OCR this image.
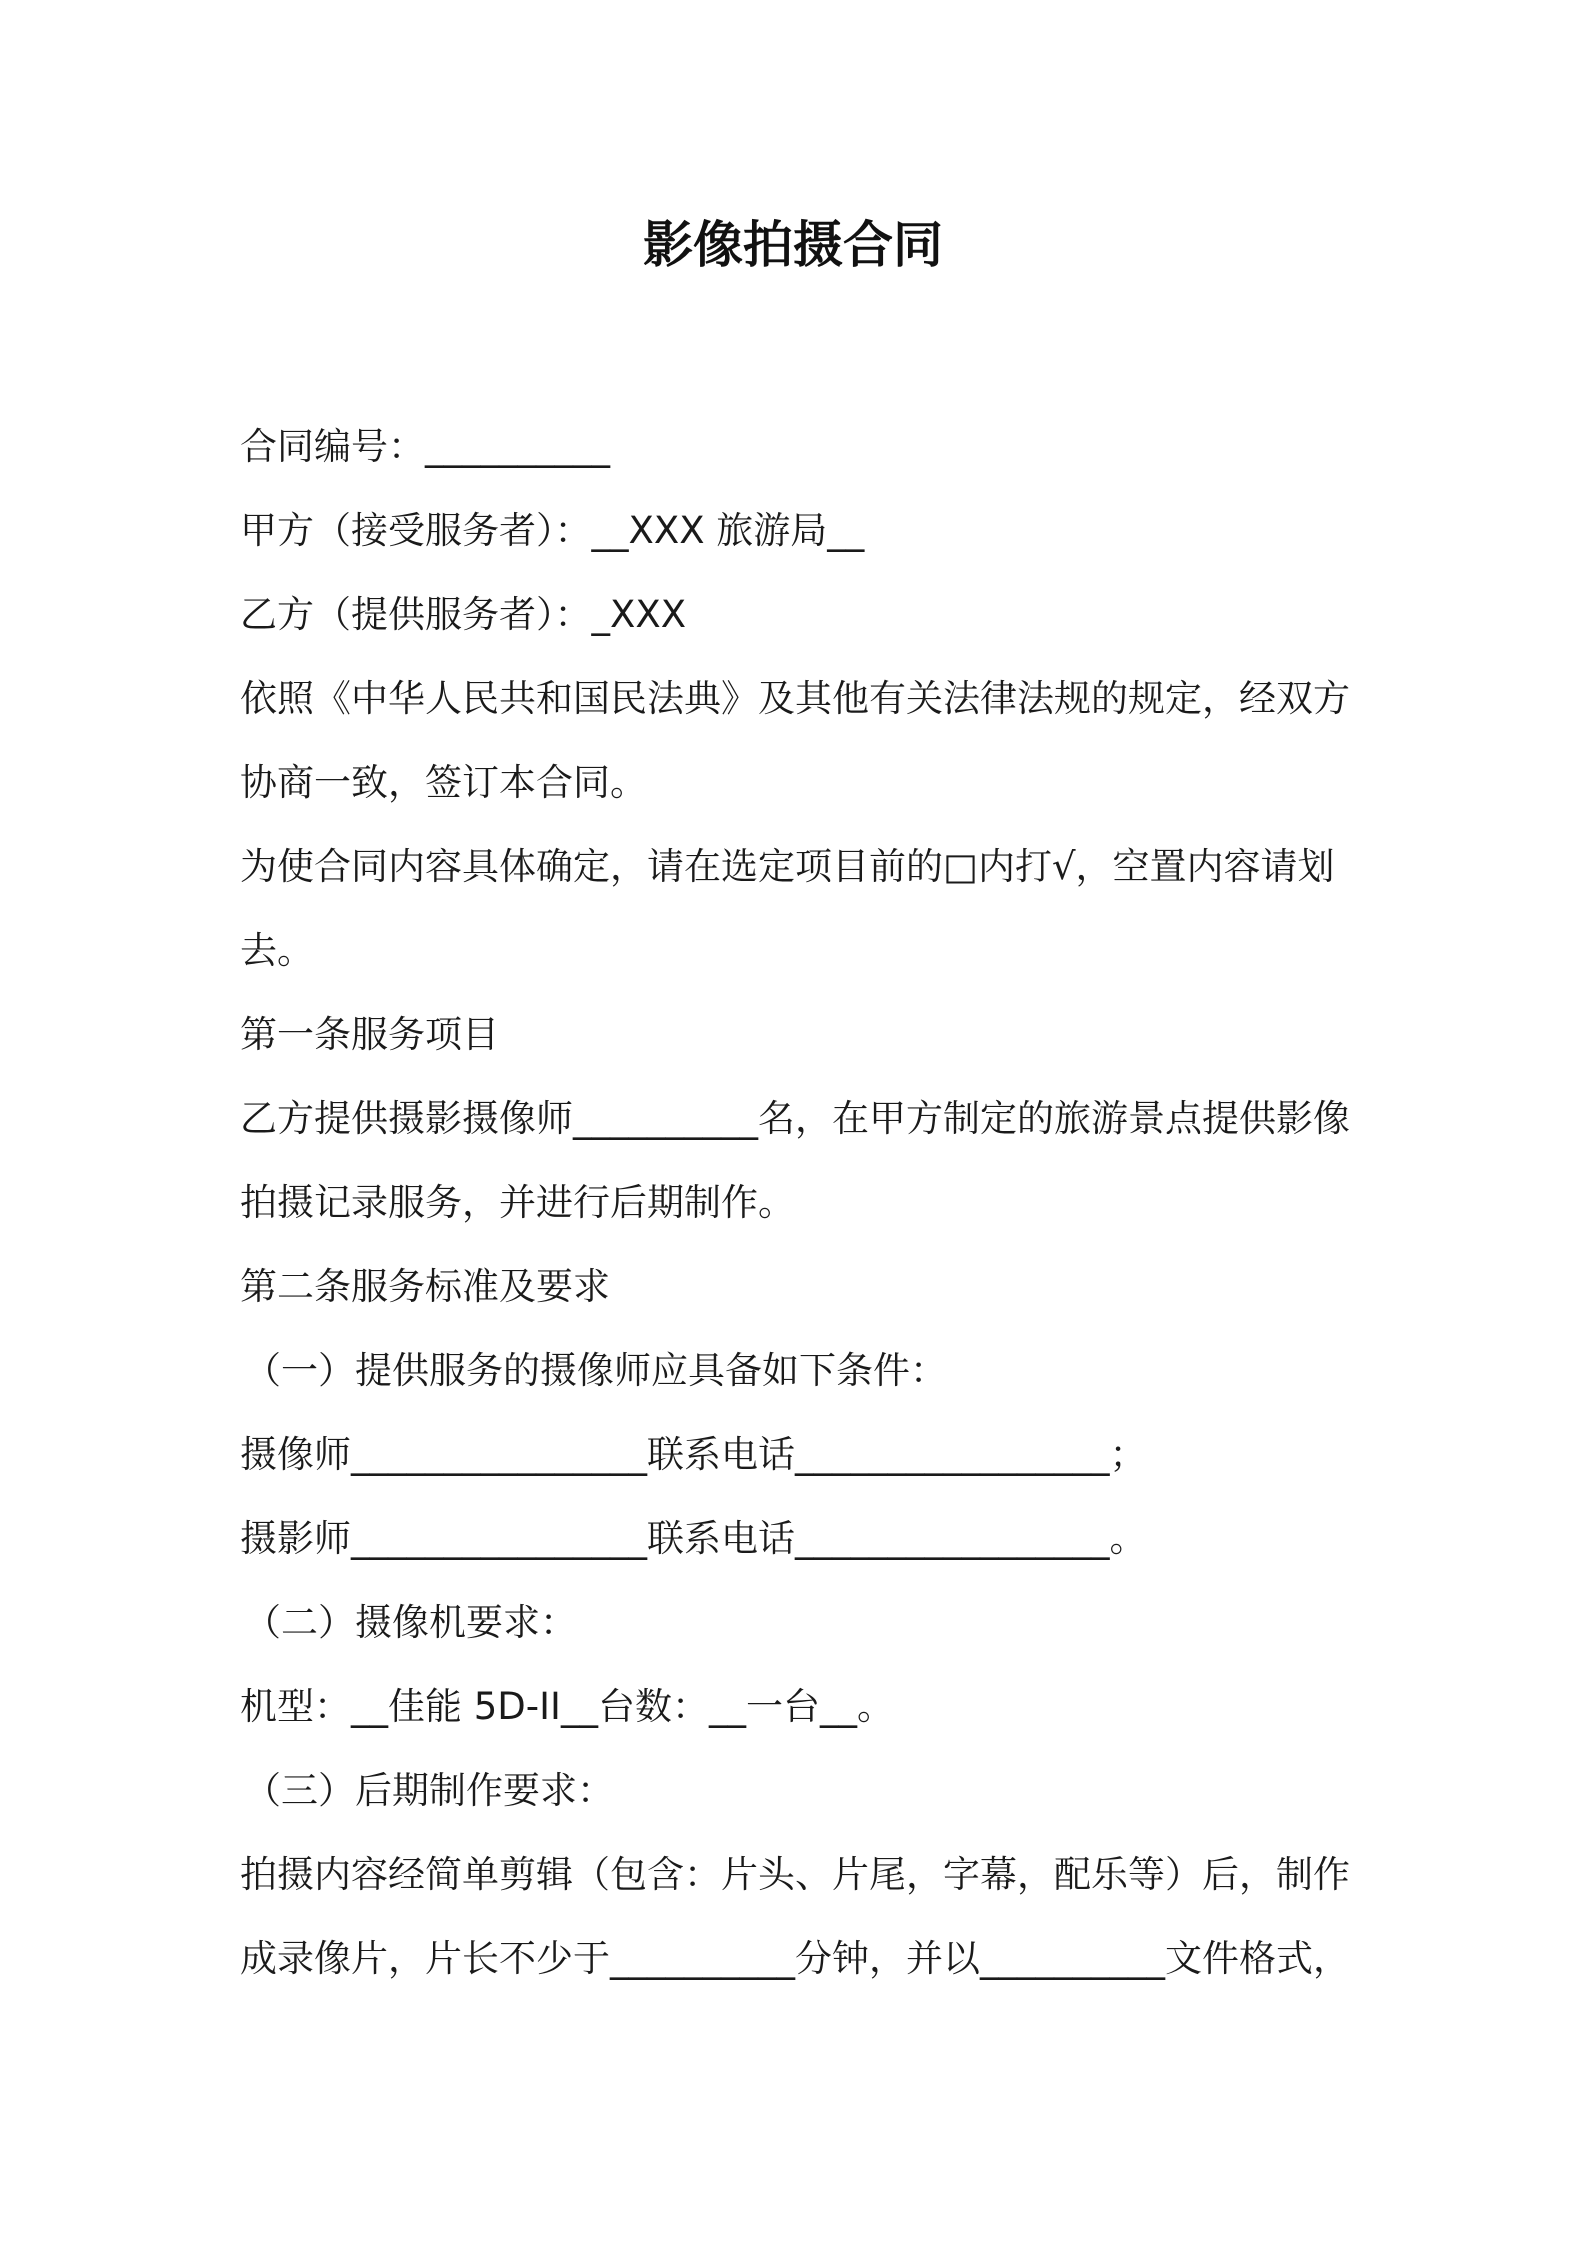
影像拍摄合同
合同编号：__________
甲方（接受服务者）：__XXX 旅游局__
乙方（提供服务者）：_XXX
依照《中华人民共和国民法典》及其他有关法律法规的规定，经双方
协商一致，签订本合同。
为使合同内容具体确定，请在选定项目前的□内打√，空置内容请划
去。
第一条服务项目
乙方提供摄影摄像师__________名，在甲方制定的旅游景点提供影像
拍摄记录服务，并进行后期制作。
第二条服务标准及要求
（一）提供服务的摄像师应具备如下条件：
摄像师________________联系电话_________________；
摄影师________________联系电话_________________。
（二）摄像机要求：
机型：__佳能 5D-II__台数：__一台__。
（三）后期制作要求：
拍摄内容经简单剪辑（包含：片头、片尾，字幕，配乐等）后，制作
成录像片，片长不少于__________分钟，并以__________文件格式，
